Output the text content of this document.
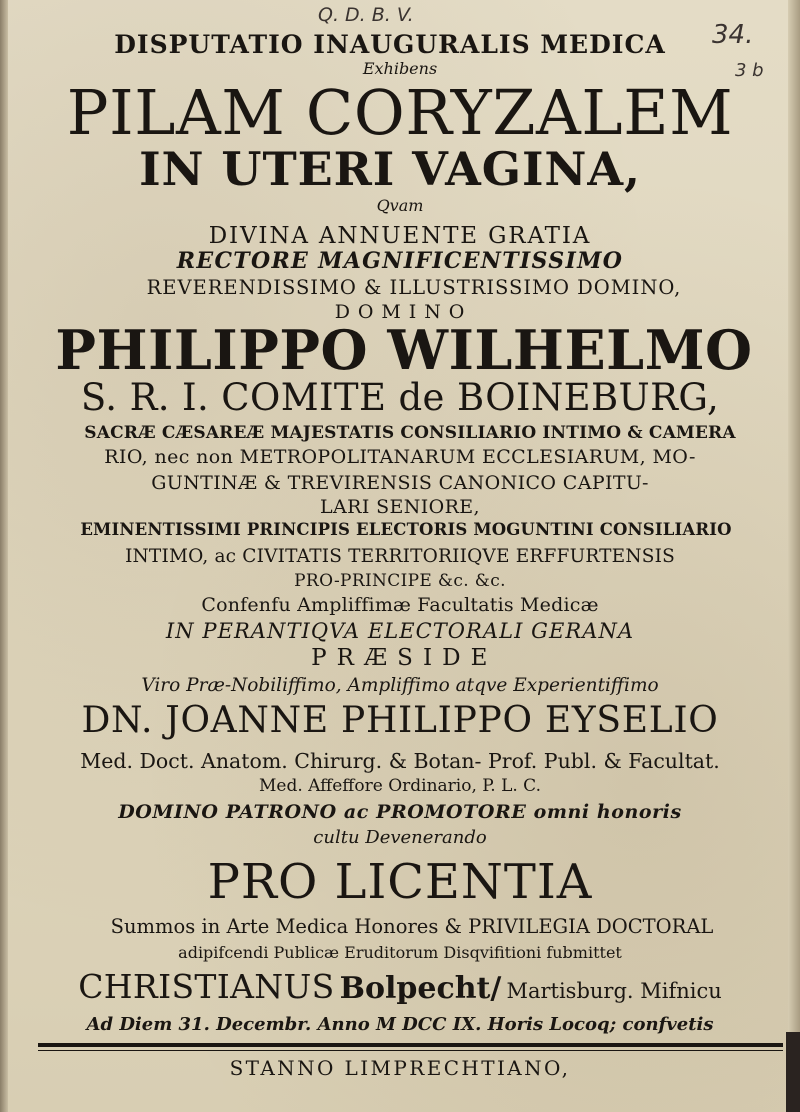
Q. D. B. V.
34.
3 b
DISPUTATIO INAUGURALIS MEDICA
Exhibens
PILAM CORYZALEM
IN UTERI VAGINA,
Qvam
DIVINA ANNUENTE GRATIA
RECTORE MAGNIFICENTISSIMO
REVERENDISSIMO & ILLUSTRISSIMO DOMINO,
D O M I N O
PHILIPPO WILHELMO
S. R. I. COMITE de BOINEBURG,
SACRÆ CÆSAREÆ MAJESTATIS CONSILIARIO INTIMO & CAMERA
RIO, nec non METROPOLITANARUM ECCLESIARUM, MO-
GUNTINÆ & TREVIRENSIS CANONICO CAPITU-
LARI SENIORE,
EMINENTISSIMI PRINCIPIS ELECTORIS MOGUNTINI CONSILIARIO
INTIMO, ac CIVITATIS TERRITORIIQVE ERFFURTENSIS
PRO-PRINCIPE &c. &c.
Confenfu Ampliffimæ Facultatis Medicæ
IN PERANTIQVA ELECTORALI GERANA
P R Æ S I D E
Viro Præ-Nobiliffimo, Ampliffimo atqve Experientiffimo
DN. JOANNE PHILIPPO EYSELIO
Med. Doct. Anatom. Chirurg. & Botan- Prof. Publ. & Facultat.
Med. Affeffore Ordinario, P. L. C.
DOMINO PATRONO ac PROMOTORE omni honoris
cultu Devenerando
PRO LICENTIA
Summos in Arte Medica Honores & PRIVILEGIA DOCTORAL
adipifcendi Publicæ Eruditorum Disqvifitioni fubmittet
CHRISTIANUS Bolpecht/ Martisburg. Mifnicu
Ad Diem 31. Decembr. Anno M DCC IX. Horis Locoq; confvetis
STANNO LIMPRECHTIANO,
